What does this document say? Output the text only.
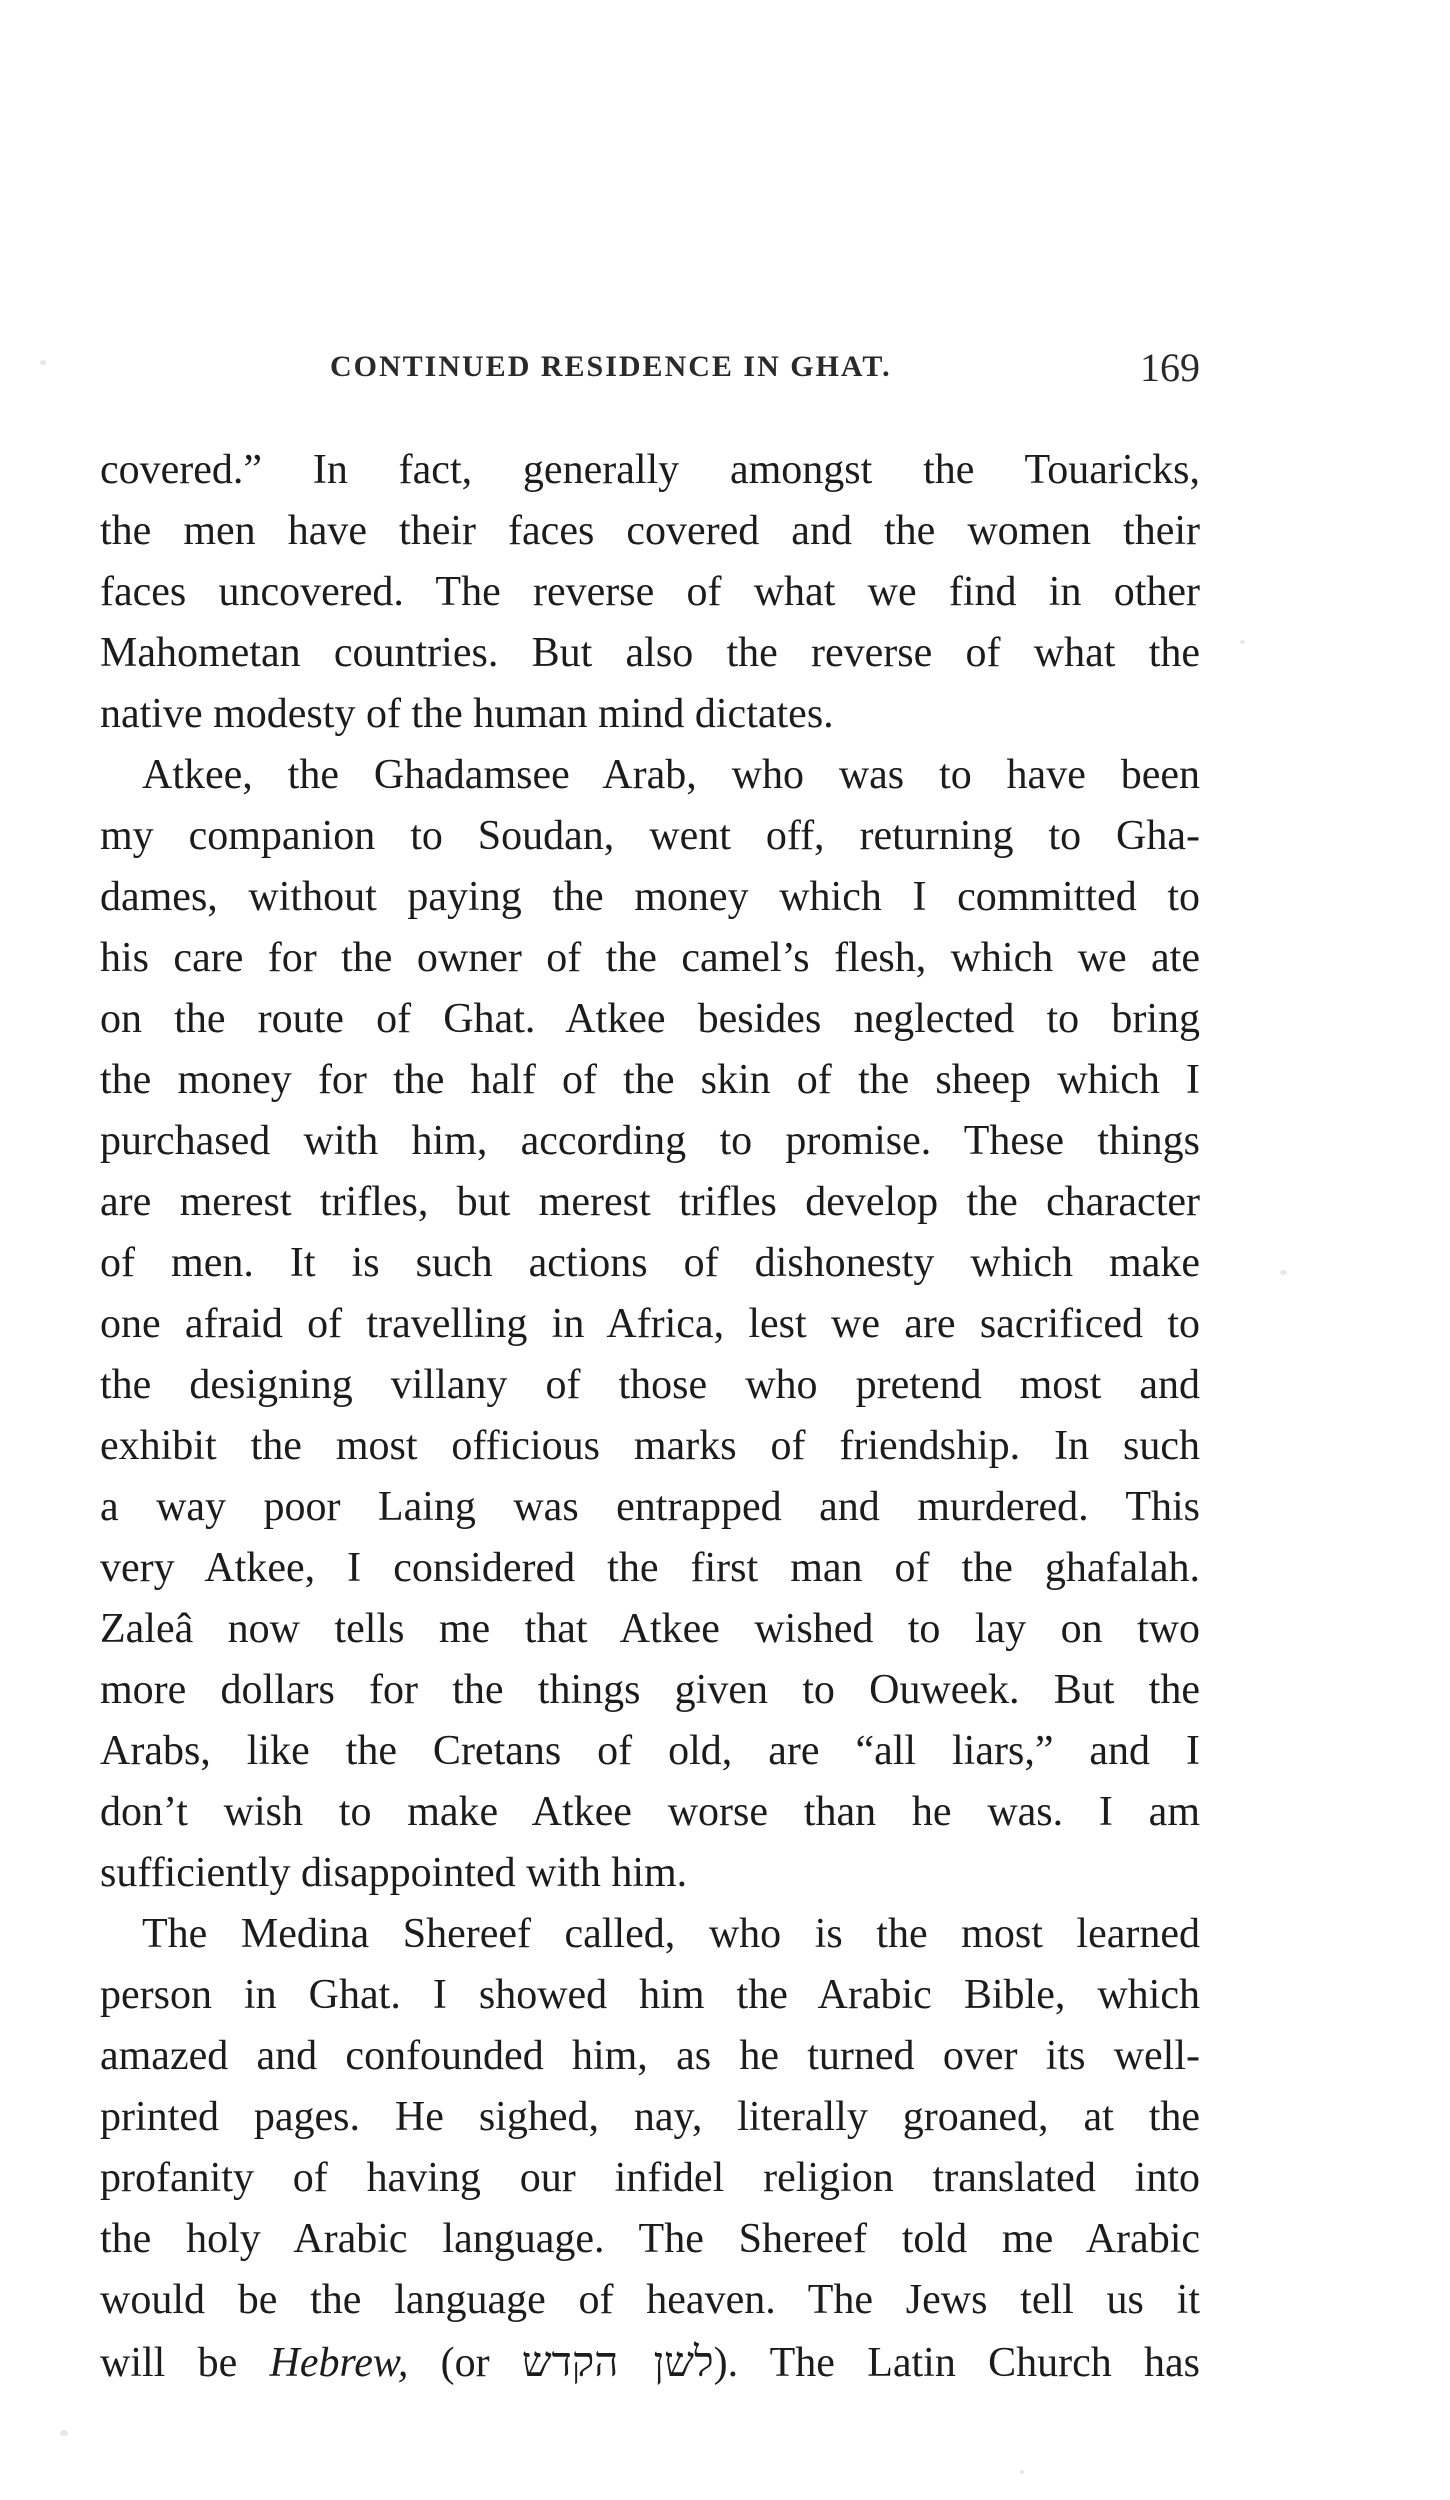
CONTINUED RESIDENCE IN GHAT.	169
covered.” In fact, generally amongst the Touaricks,
the men have their faces covered and the women their
faces uncovered. The reverse of what we find in other
Mahometan countries. But also the reverse of what the
native modesty of the human mind dictates.
Atkee, the Ghadamsee Arab, who was to have been
my companion to Soudan, went off, returning to Gha-
dames, without paying the money which I committed to
his care for the owner of the camel’s flesh, which we ate
on the route of Ghat. Atkee besides neglected to bring
the money for the half of the skin of the sheep which I
purchased with him, according to promise. These things
are merest trifles, but merest trifles develop the character
of men. It is such actions of dishonesty which make
one afraid of travelling in Africa, lest we are sacrificed to
the designing villany of those who pretend most and
exhibit the most officious marks of friendship. In such
a way poor Laing was entrapped and murdered. This
very Atkee, I considered the first man of the ghafalah.
Zaleâ now tells me that Atkee wished to lay on two
more dollars for the things given to Ouweek. But the
Arabs, like the Cretans of old, are “all liars,” and I
don’t wish to make Atkee worse than he was. I am
sufficiently disappointed with him.
The Medina Shereef called, who is the most learned
person in Ghat. I showed him the Arabic Bible, which
amazed and confounded him, as he turned over its well-
printed pages. He sighed, nay, literally groaned, at the
profanity of having our infidel religion translated into
the holy Arabic language. The Shereef told me Arabic
would be the language of heaven. The Jews tell us it
will be Hebrew, (or לשן הקדש). The Latin Church has
